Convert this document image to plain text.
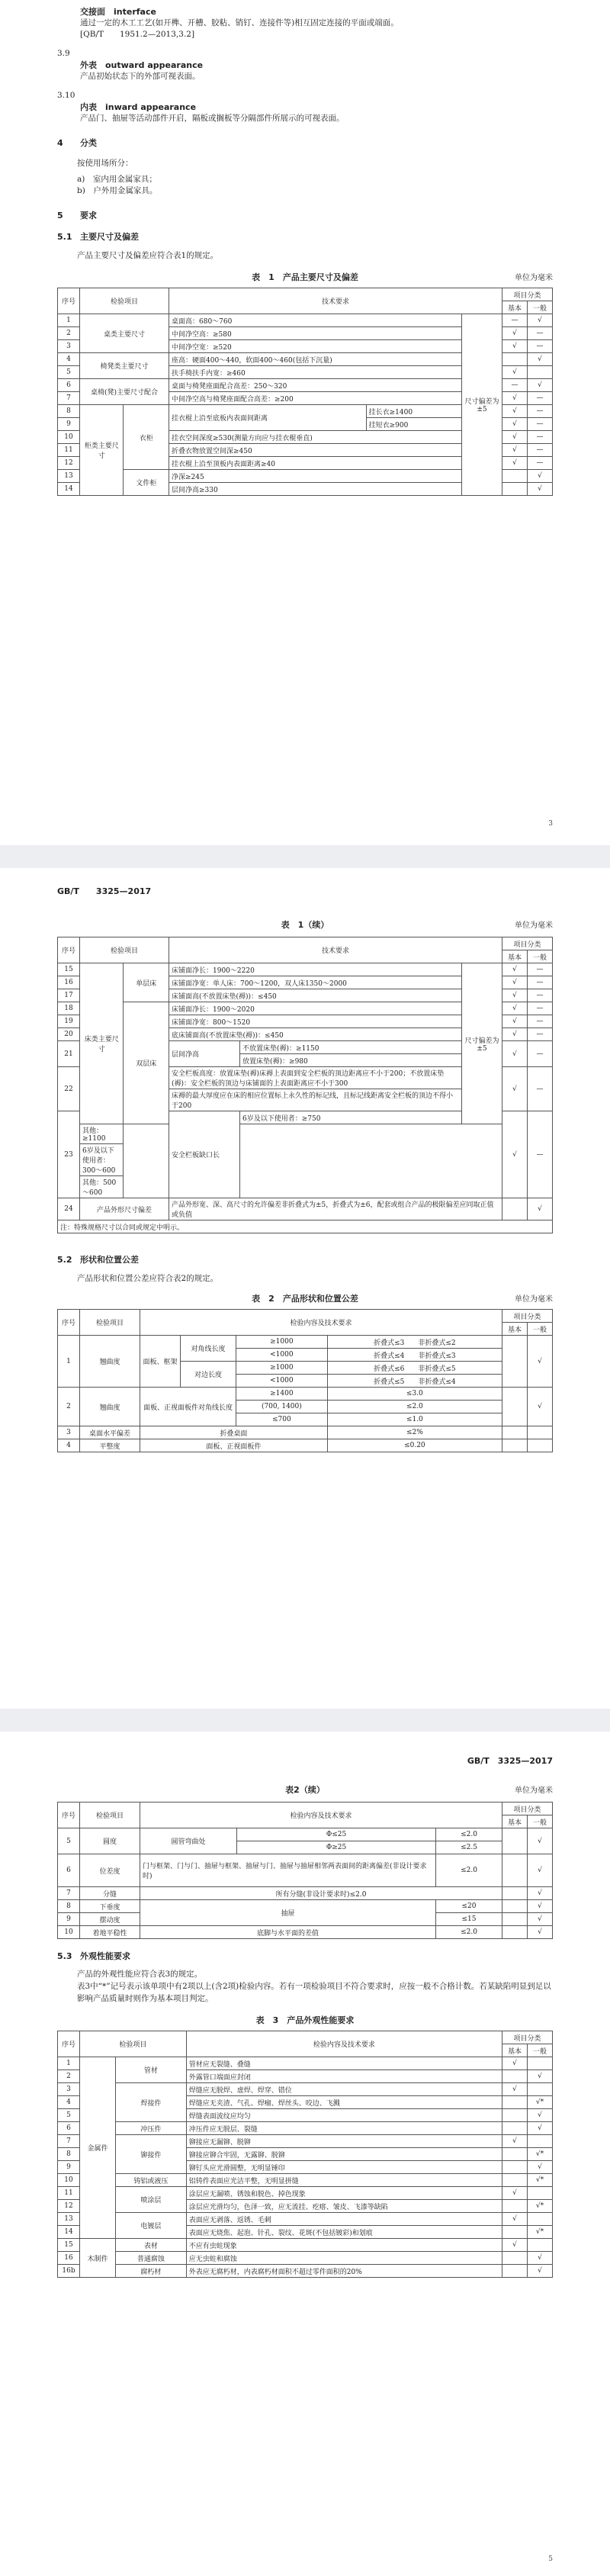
交接面　interface
通过一定的木工工艺(如开榫、开槽、胶粘、销钉、连接件等)相互固定连接的平面或端面。
[QB/T　　1951.2—2013,3.2]
3.9
外表　outward appearance
产品初始状态下的外部可视表面。
3.10
内表　inward appearance
产品门、抽屉等活动部件开启，隔板或搁板等分隔部件所展示的可视表面。
4 分类
按使用场所分：
a)　室内用金属家具；
b)　户外用金属家具。
5 要求
5.1 主要尺寸及偏差
产品主要尺寸及偏差应符合表1的规定。
表　1　产品主要尺寸及偏差	单位为毫米
序号	检验项目		技术要求			项目分类	
						基本	一般
1	桌类主要尺寸		桌面高：680～760		尺寸偏差为±5	—	√
2			中间净空高：≥580			√	—
3			中间净空宽：≥520			√	—
4	椅凳类主要尺寸		座高：硬面400～440，软面400～460(包括下沉量)				√
5			扶手椅扶手内宽：≥460			√	
6	桌椅(凳)主要尺寸配合		桌面与椅凳座面配合高差：250～320			—	√
7			中间净空高与椅凳座面配合高差：≥200			√	—
8	柜类主要尺寸	衣柜	挂衣棍上沿至底板内表面间距离	挂长衣≥1400		√	—
9				挂短衣≥900		√	—
10			挂衣空间深度≥530(测量方向应与挂衣棍垂直)			√	—
11			折叠衣物放置空间深≥450			√	—
12			挂衣棍上沿至顶板内表面距离≥40			√	—
13		文件柜	净深≥245				√
14			层间净高≥330				√
3
GB/T　　3325—2017
表　1（续）	单位为毫米
序号	检验项目		技术要求			项目分类	
						基本	一般
15	床类主要尺寸	单层床	床铺面净长：1900～2220		尺寸偏差为±5	√	—
16			床铺面净宽：单人床：700～1200，双人床1350～2000			√	—
17			床铺面高(不放置床垫(褥))：≤450			√	—
18		双层床	床铺面净长：1900～2020			√	—
19			床铺面净宽：800～1520			√	—
20			底床铺面高(不放置床垫(褥))：≤450			√	—
21			层间净高	不放置床垫(褥)：≥1150		√	—
				放置床垫(褥)：≥980			
22			安全栏板高度：放置床垫(褥)床褥上表面到安全栏板的顶边距离应不小于200；不放置床垫(褥)：安全栏板的顶边与床铺面的上表面距离应不小于300			√	—
			床褥的最大厚度应在床的相应位置标上永久性的标记线，且标记线距离安全栏板的顶边不得小于200				
23			安全栏板缺口长	6岁及以下使用者：≥750		√	—
	其他：≥1100						
	6岁及以下使用者：300～600						
	其他：500～600						
24	产品外形尺寸偏差		产品外形宽、深、高尺寸的允许偏差非折叠式为±5，折叠式为±6，配套或组合产品的极限偏差应同取正值或负值				√
注：特殊规格尺寸以合同或规定中明示。							
5.2 形状和位置公差
产品形状和位置公差应符合表2的规定。
表　2　产品形状和位置公差	单位为毫米
序号	检验项目	检验内容及技术要求				项目分类	
						基本	一般
1	翘曲度	面板、框架	对角线长度	≥1000	折叠式≤3　　 非折叠式≤2		√
				<1000	折叠式≤4　　 非折叠式≤3		
			对边长度	≥1000	折叠式≤6　　 非折叠式≤5		
				<1000	折叠式≤5　　 非折叠式≤4		
2	翘曲度	面板、正视面板件对角线长度		≥1400	≤3.0		√
				(700, 1400)	≤2.0		
				≤700	≤1.0		
3	桌面水平偏差	折叠桌面			≤2%		
4	平整度	面板、正视面板件			≤0.20		
GB/T　3325—2017
表2（续）	单位为毫米
序号	检验项目	检验内容及技术要求			项目分类	
					基本	一般
5	圆度	圆管弯曲处	Φ≤25	≤2.0		√
			Φ≥25	≤2.5		
6	位差度	门与框架、门与门、抽屉与框架、抽屉与门、抽屉与抽屉相邻两表面间的距离偏差(非设计要求时)		≤2.0		√
7	分缝	所有分缝(非设计要求时)≤2.0				√
8	下垂度	抽屉		≤20		√
9	摆动度			≤15		√
10	着地平稳性	底脚与水平面的差值		≤2.0		√
5.3 外观性能要求

产品的外观性能应符合表3的规定。

表3中“*”记号表示该单项中有2项以上(含2项)检验内容。若有一项检验项目不符合要求时，应按一般不合格计数。若某缺陷明显到足以影响产品质量时则作为基本项目判定。

表　3　产品外观性能要求
序号	检验项目		检验内容及技术要求	项目分类	
				基本	一般
1	金属件	管材	管材应无裂缝、叠缝	√	
2			外露管口端面应封闭		√
3		焊接件	焊缝应无脱焊、虚焊、焊穿、错位	√	
4			焊缝应无夹渣、气孔、焊瘤、焊丝头、咬边、飞溅		√*
5			焊缝表面波纹应均匀		√
6		冲压件	冲压件应无脱层、裂缝		√
7		铆接件	铆接应无漏铆、脱铆	√	
8			铆接应铆合牢固，无露铆、脱铆		√*
9			铆钉头应光滑圆整，无明显锤印		√
10		铸铝或液压	铝铸件表面应光洁平整，无明显拼缝		√*
11		喷涂层	涂层应无漏喷、锈蚀和脱色、掉色现象	√	
12			涂层应光滑均匀，色泽一致，应无流挂、疙瘩、皱皮、飞漆等缺陷		√*
13		电镀层	表面应无剥落、返锈、毛刺	√	
14			表面应无烧焦、起泡、针孔、裂纹、花斑(不包括镀彩)和划痕		√*
15	木制件	表材	不应有虫蛀现象	√	
16		普通腐蚀	应无虫蛀和腐蚀		√
16b		腐朽材	外表应无腐朽材，内表腐朽材面积不超过零件面积的20%		√
5
